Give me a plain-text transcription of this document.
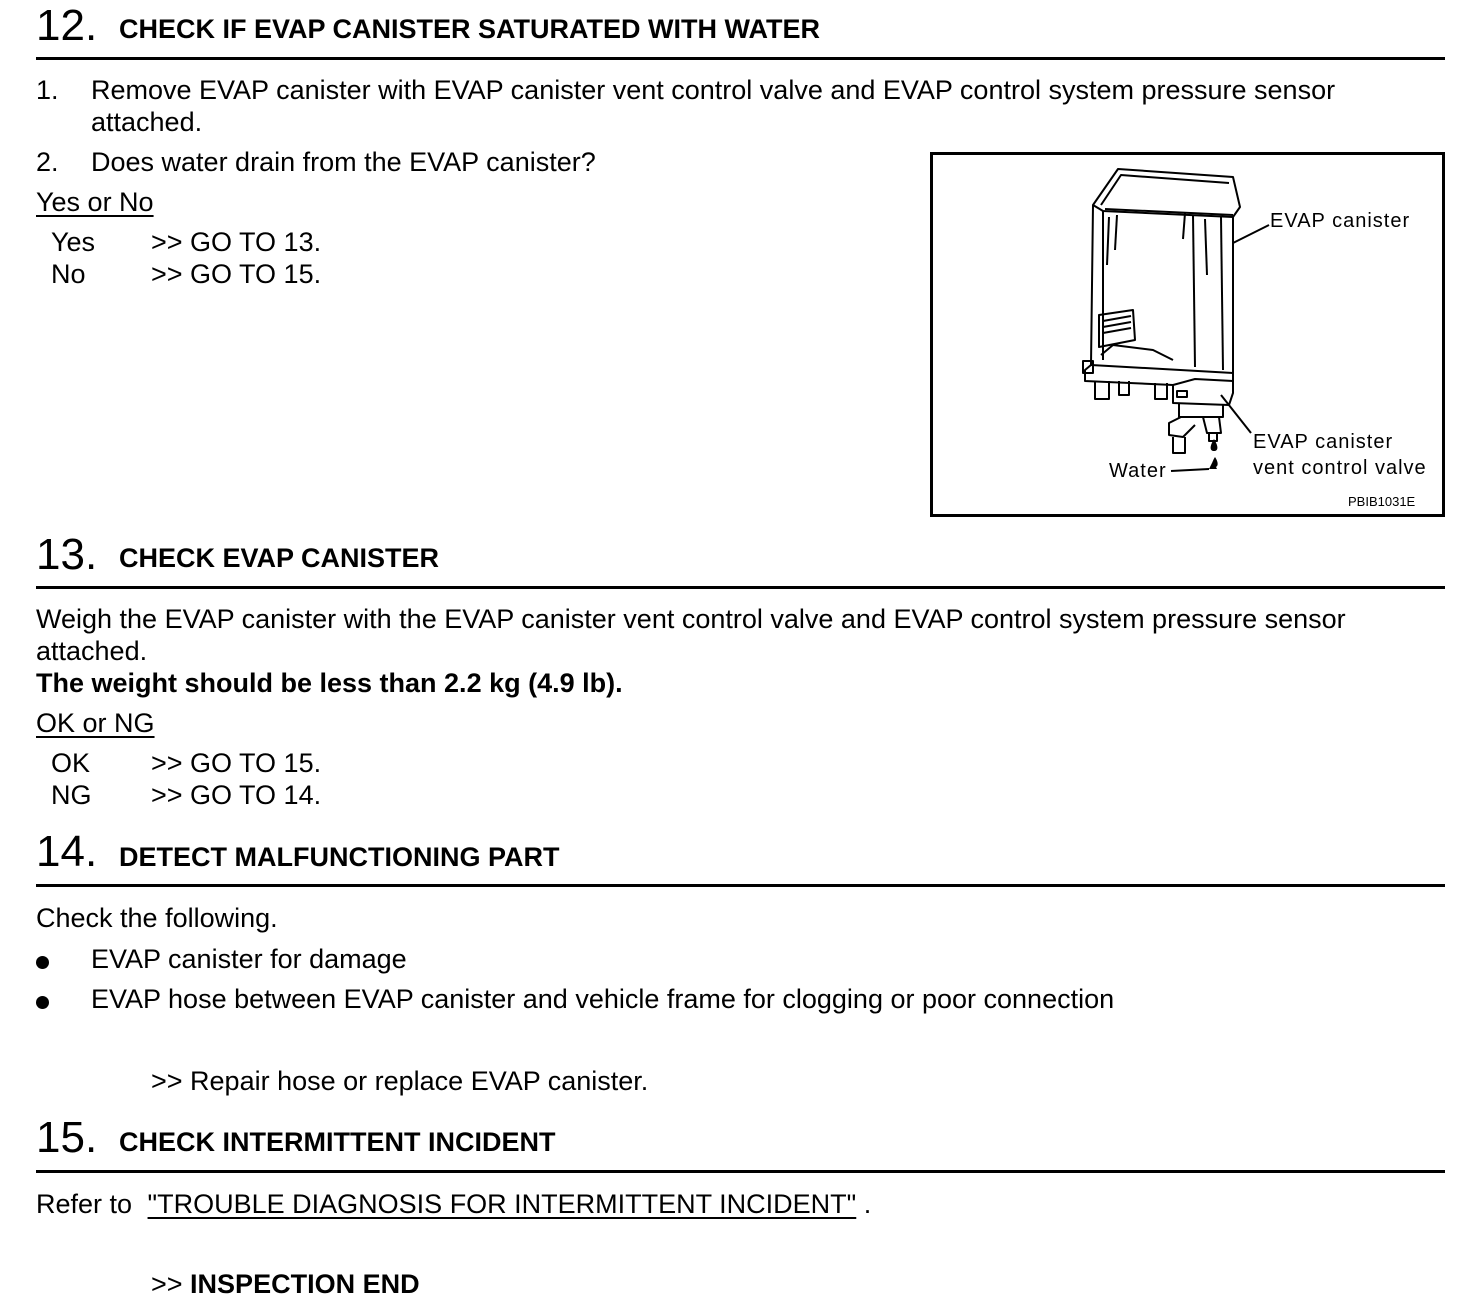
12. CHECK IF EVAP CANISTER SATURATED WITH WATER
1. Remove EVAP canister with EVAP canister vent control valve and EVAP control system pressure sensor
attached.
2. Does water drain from the EVAP canister?
Yes or No
Yes >> GO TO 13.
No >> GO TO 15.
EVAP canister
EVAP canister
vent control valve
Water
PBIB1031E
13. CHECK EVAP CANISTER
Weigh the EVAP canister with the EVAP canister vent control valve and EVAP control system pressure sensor
attached.
The weight should be less than 2.2 kg (4.9 lb).
OK or NG
OK >> GO TO 15.
NG >> GO TO 14.
14. DETECT MALFUNCTIONING PART
Check the following.
EVAP canister for damage
EVAP hose between EVAP canister and vehicle frame for clogging or poor connection
>> Repair hose or replace EVAP canister.
15. CHECK INTERMITTENT INCIDENT
Refer to "TROUBLE DIAGNOSIS FOR INTERMITTENT INCIDENT" .
>> INSPECTION END
